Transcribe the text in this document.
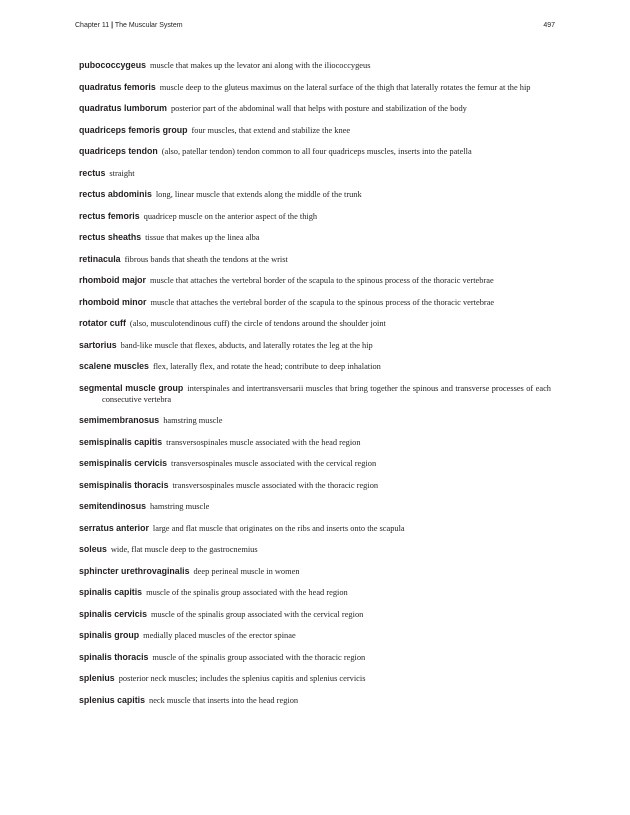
Chapter 11 | The Muscular System	497
pubococcygeus muscle that makes up the levator ani along with the iliococcygeus
quadratus femoris muscle deep to the gluteus maximus on the lateral surface of the thigh that laterally rotates the femur at the hip
quadratus lumborum posterior part of the abdominal wall that helps with posture and stabilization of the body
quadriceps femoris group four muscles, that extend and stabilize the knee
quadriceps tendon (also, patellar tendon) tendon common to all four quadriceps muscles, inserts into the patella
rectus straight
rectus abdominis long, linear muscle that extends along the middle of the trunk
rectus femoris quadricep muscle on the anterior aspect of the thigh
rectus sheaths tissue that makes up the linea alba
retinacula fibrous bands that sheath the tendons at the wrist
rhomboid major muscle that attaches the vertebral border of the scapula to the spinous process of the thoracic vertebrae
rhomboid minor muscle that attaches the vertebral border of the scapula to the spinous process of the thoracic vertebrae
rotator cuff (also, musculotendinous cuff) the circle of tendons around the shoulder joint
sartorius band-like muscle that flexes, abducts, and laterally rotates the leg at the hip
scalene muscles flex, laterally flex, and rotate the head; contribute to deep inhalation
segmental muscle group interspinales and intertransversarii muscles that bring together the spinous and transverse processes of each consecutive vertebra
semimembranosus hamstring muscle
semispinalis capitis transversospinales muscle associated with the head region
semispinalis cervicis transversospinales muscle associated with the cervical region
semispinalis thoracis transversospinales muscle associated with the thoracic region
semitendinosus hamstring muscle
serratus anterior large and flat muscle that originates on the ribs and inserts onto the scapula
soleus wide, flat muscle deep to the gastrocnemius
sphincter urethrovaginalis deep perineal muscle in women
spinalis capitis muscle of the spinalis group associated with the head region
spinalis cervicis muscle of the spinalis group associated with the cervical region
spinalis group medially placed muscles of the erector spinae
spinalis thoracis muscle of the spinalis group associated with the thoracic region
splenius posterior neck muscles; includes the splenius capitis and splenius cervicis
splenius capitis neck muscle that inserts into the head region
